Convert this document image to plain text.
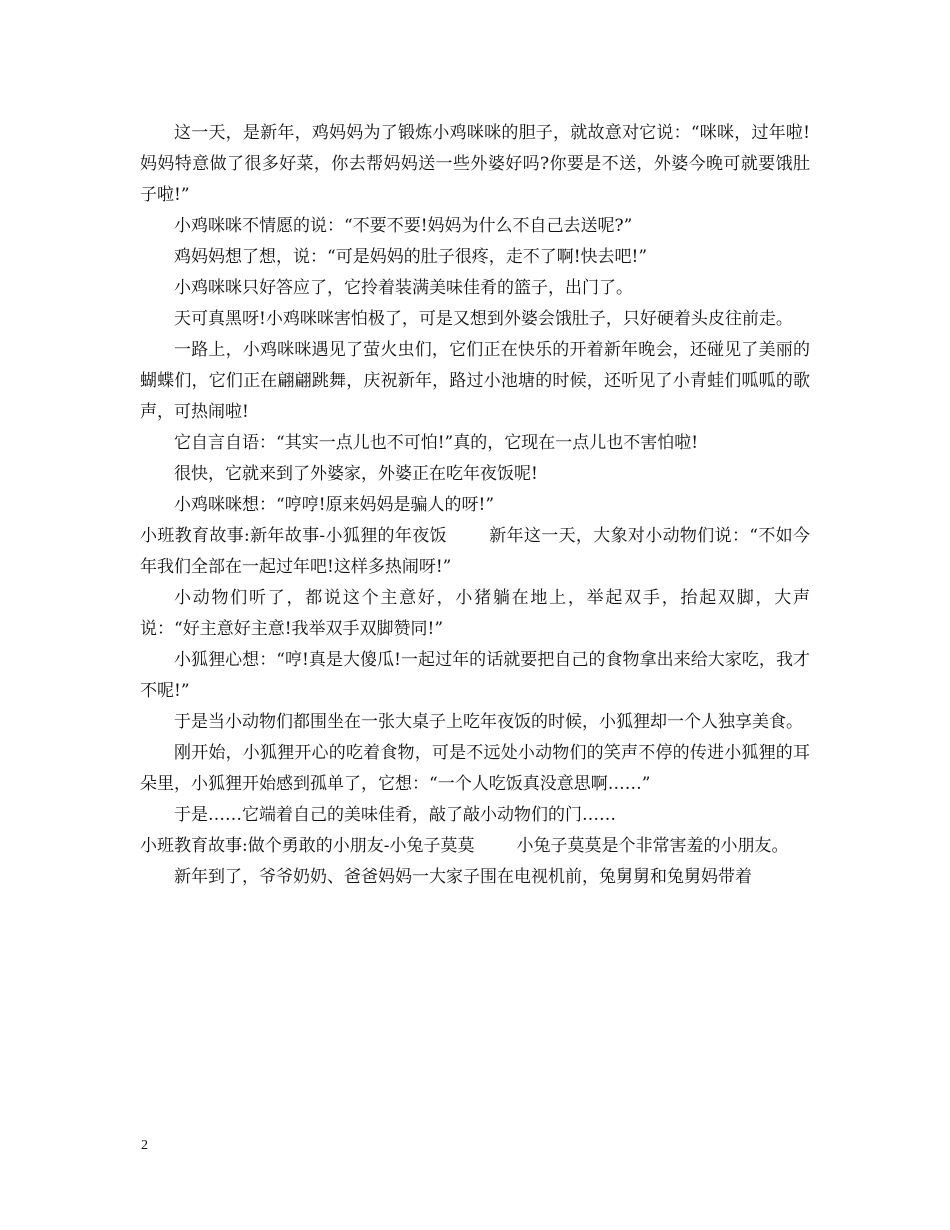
这一天，是新年，鸡妈妈为了锻炼小鸡咪咪的胆子，就故意对它说：“咪咪，过年啦!妈妈特意做了很多好菜，你去帮妈妈送一些外婆好吗?你要是不送，外婆今晚可就要饿肚子啦!”

小鸡咪咪不情愿的说：“不要不要!妈妈为什么不自己去送呢?”

鸡妈妈想了想，说：“可是妈妈的肚子很疼，走不了啊!快去吧!”

小鸡咪咪只好答应了，它拎着装满美味佳肴的篮子，出门了。

天可真黑呀!小鸡咪咪害怕极了，可是又想到外婆会饿肚子，只好硬着头皮往前走。

一路上，小鸡咪咪遇见了萤火虫们，它们正在快乐的开着新年晚会，还碰见了美丽的蝴蝶们，它们正在翩翩跳舞，庆祝新年，路过小池塘的时候，还听见了小青蛙们呱呱的歌声，可热闹啦!

它自言自语：“其实一点儿也不可怕!”真的，它现在一点儿也不害怕啦!

很快，它就来到了外婆家，外婆正在吃年夜饭呢!

小鸡咪咪想：“哼哼!原来妈妈是骗人的呀!”

小班教育故事:新年故事-小狐狸的年夜饭 新年这一天，大象对小动物们说：“不如今年我们全部在一起过年吧!这样多热闹呀!”

小动物们听了，都说这个主意好，小猪躺在地上，举起双手，抬起双脚，大声说：“好主意好主意!我举双手双脚赞同!”

小狐狸心想：“哼!真是大傻瓜!一起过年的话就要把自己的食物拿出来给大家吃，我才不呢!”

于是当小动物们都围坐在一张大桌子上吃年夜饭的时候，小狐狸却一个人独享美食。

刚开始，小狐狸开心的吃着食物，可是不远处小动物们的笑声不停的传进小狐狸的耳朵里，小狐狸开始感到孤单了，它想：“一个人吃饭真没意思啊……”

于是……它端着自己的美味佳肴，敲了敲小动物们的门……

小班教育故事:做个勇敢的小朋友-小兔子莫莫 小兔子莫莫是个非常害羞的小朋友。

新年到了，爷爷奶奶、爸爸妈妈一大家子围在电视机前，兔舅舅和兔舅妈带着

2
